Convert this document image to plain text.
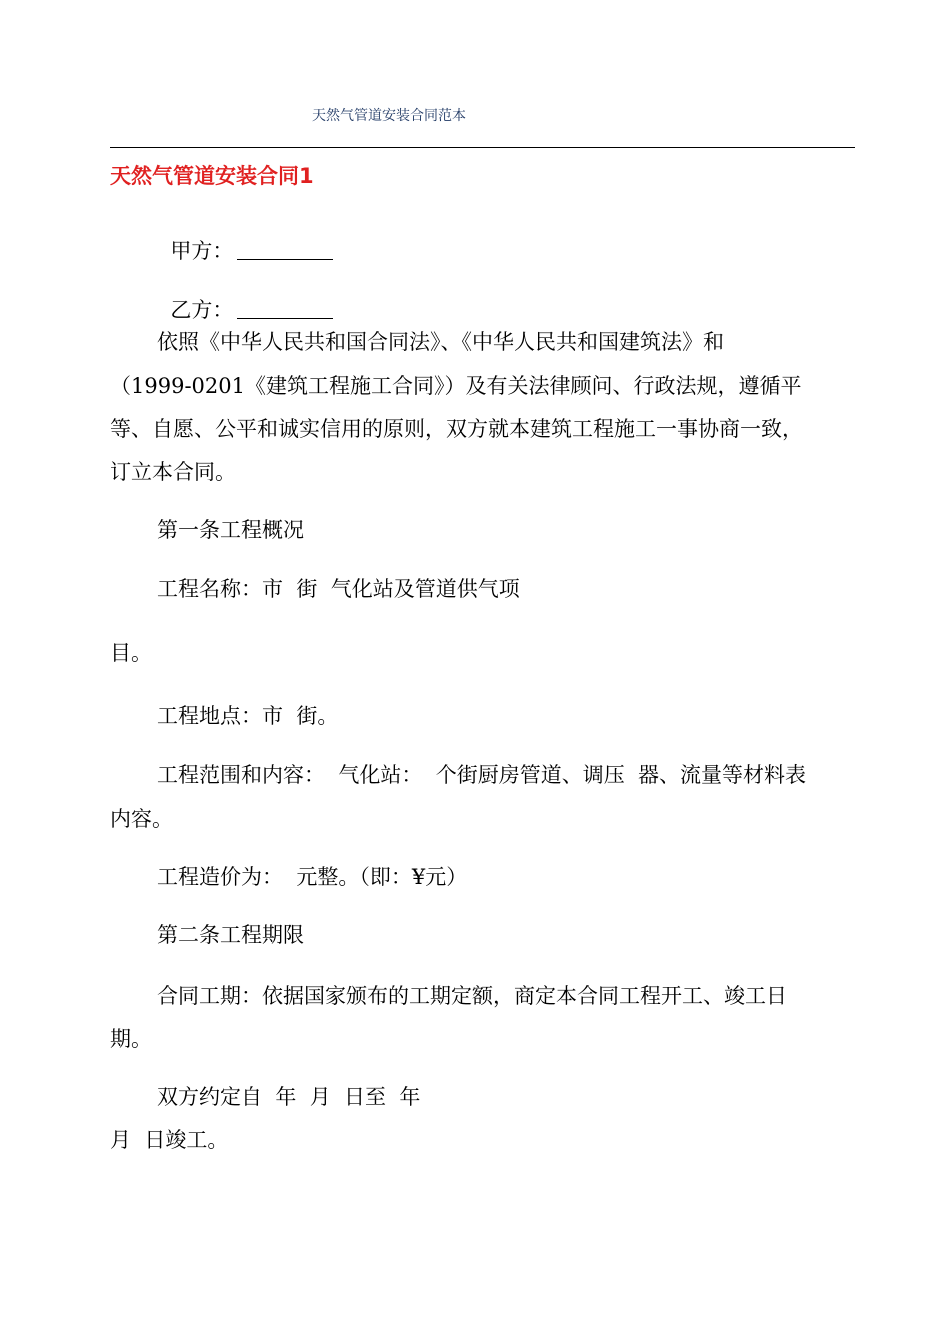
天然气管道安装合同范本
天然气管道安装合同1

甲方：

乙方：

依照《中华人民共和国合同法》、《中华人民共和国建筑法》和
（1999-0201《建筑工程施工合同》）及有关法律顾问、行政法规，遵循平
等、自愿、公平和诚实信用的原则，双方就本建筑工程施工一事协商一致，
订立本合同。
第一条工程概况
工程名称：市  街  气化站及管道供气项
目。
工程地点：市  街。
工程范围和内容：  气化站：  个街厨房管道、调压  器、流量等材料表
内容。
工程造价为：  元整。（即：¥元）
第二条工程期限
合同工期：依据国家颁布的工期定额，商定本合同工程开工、竣工日
期。
双方约定自  年  月  日至  年
月  日竣工。
